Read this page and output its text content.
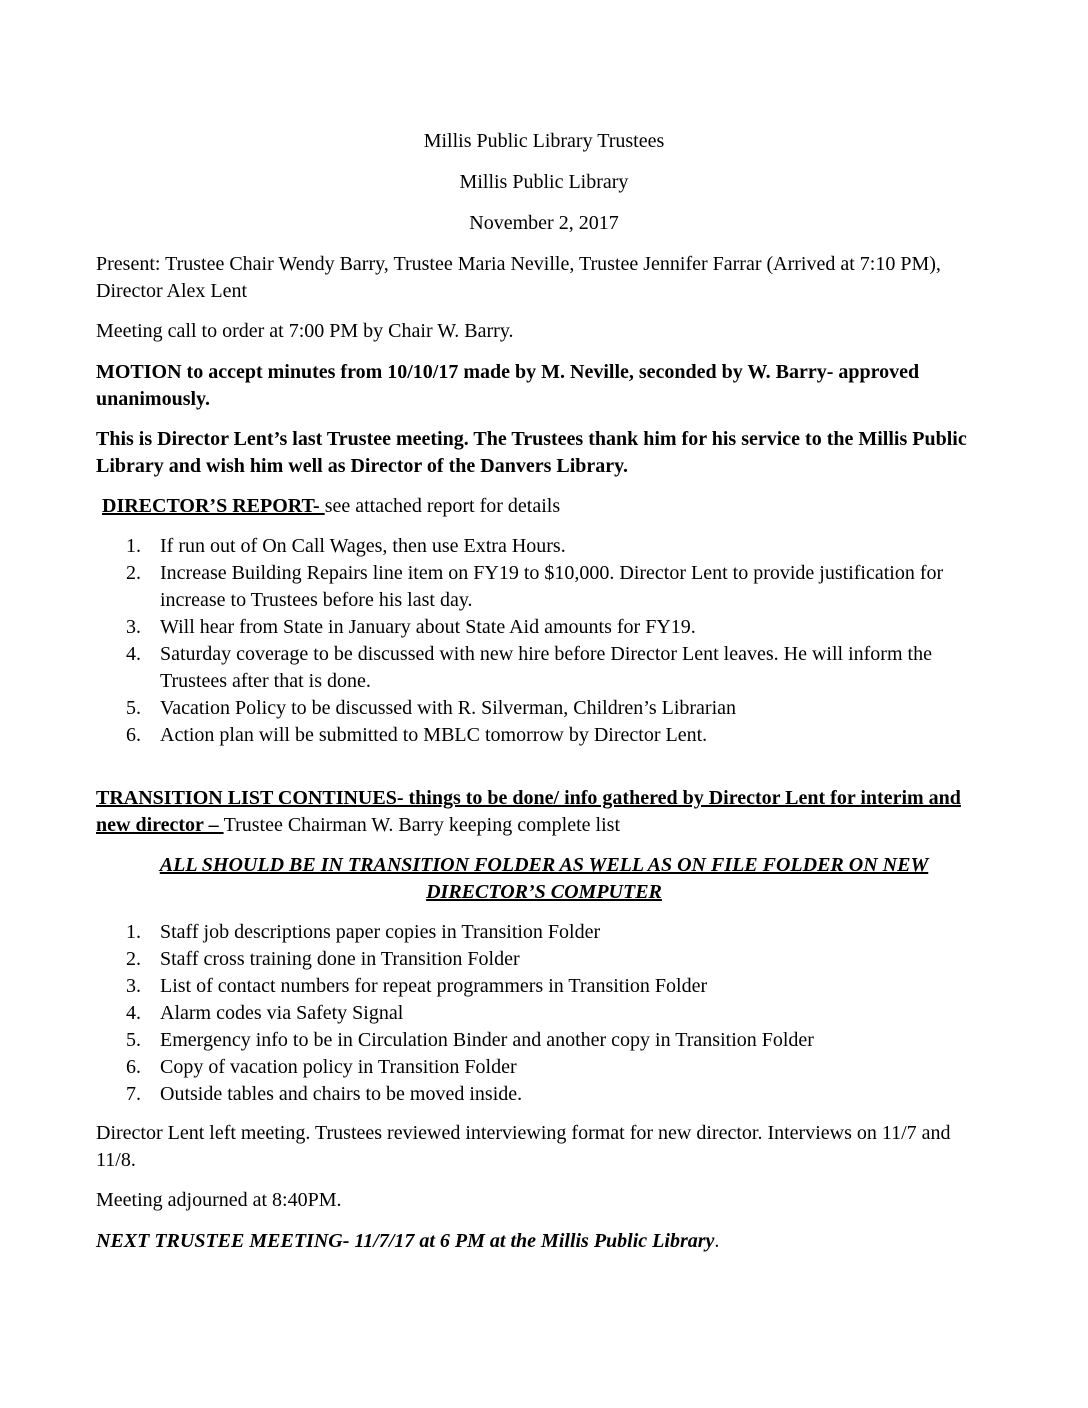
Millis Public Library Trustees
Millis Public Library
November 2, 2017
Present: Trustee Chair Wendy Barry, Trustee Maria Neville, Trustee Jennifer Farrar (Arrived at 7:10 PM), Director Alex Lent
Meeting call to order at 7:00 PM by Chair W. Barry.
MOTION to accept minutes from 10/10/17 made by M. Neville, seconded by W. Barry- approved unanimously.
This is Director Lent’s last Trustee meeting. The Trustees thank him for his service to the Millis Public Library and wish him well as Director of the Danvers Library.
DIRECTOR’S REPORT- see attached report for details
1. If run out of On Call Wages, then use Extra Hours.
2. Increase Building Repairs line item on FY19 to $10,000. Director Lent to provide justification for increase to Trustees before his last day.
3. Will hear from State in January about State Aid amounts for FY19.
4. Saturday coverage to be discussed with new hire before Director Lent leaves. He will inform the Trustees after that is done.
5. Vacation Policy to be discussed with R. Silverman, Children’s Librarian
6. Action plan will be submitted to MBLC tomorrow by Director Lent.
TRANSITION LIST CONTINUES- things to be done/ info gathered by Director Lent for interim and new director – Trustee Chairman W. Barry keeping complete list
ALL SHOULD BE IN TRANSITION FOLDER AS WELL AS ON FILE FOLDER ON NEW DIRECTOR’S COMPUTER
1. Staff job descriptions paper copies in Transition Folder
2. Staff cross training done in Transition Folder
3. List of contact numbers for repeat programmers in Transition Folder
4. Alarm codes via Safety Signal
5. Emergency info to be in Circulation Binder and another copy in Transition Folder
6. Copy of vacation policy in Transition Folder
7. Outside tables and chairs to be moved inside.
Director Lent left meeting. Trustees reviewed interviewing format for new director. Interviews on 11/7 and 11/8.
Meeting adjourned at 8:40PM.
NEXT TRUSTEE MEETING- 11/7/17 at 6 PM at the Millis Public Library.
